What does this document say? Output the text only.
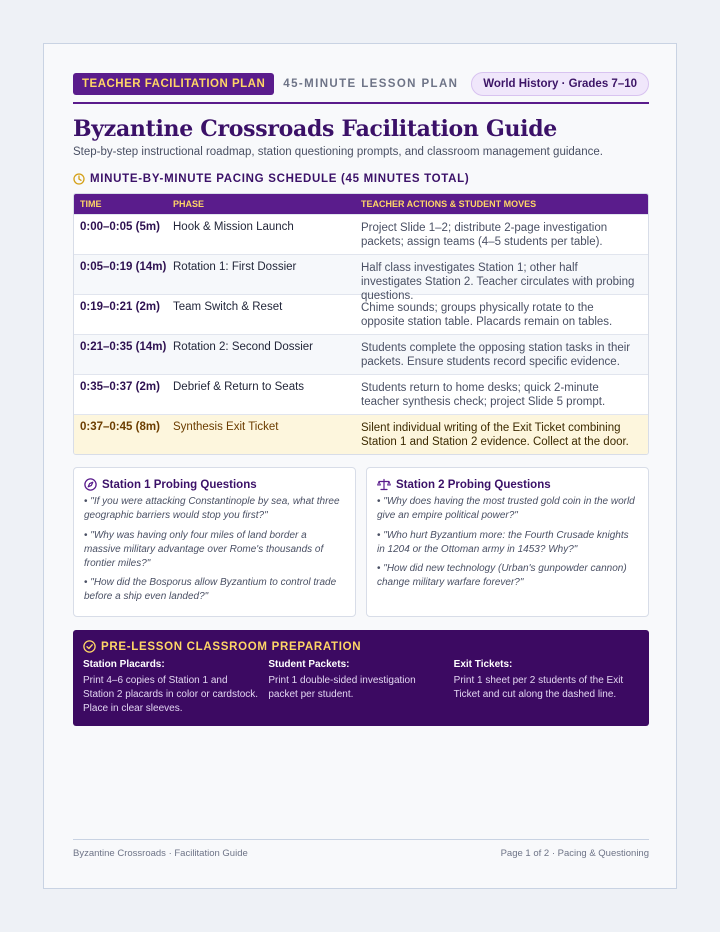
TEACHER FACILITATION PLAN	45-MINUTE LESSON PLAN	World History · Grades 7–10
Byzantine Crossroads Facilitation Guide

Step-by-step instructional roadmap, station questioning prompts, and classroom management guidance.

MINUTE-BY-MINUTE PACING SCHEDULE (45 MINUTES TOTAL)
TIME	PHASE	TEACHER ACTIONS & STUDENT MOVES
0:00–0:05 (5m)	Hook & Mission Launch	Project Slide 1–2; distribute 2-page investigation packets; assign teams (4–5 students per table).
0:05–0:19 (14m) Rotation 1: First Dossier	Half class investigates Station 1; other half investigates Station 2. Teacher circulates with probing questions.
0:19–0:21 (2m)	Team Switch & Reset	Chime sounds; groups physically rotate to the opposite station table. Placards remain on tables.
0:21–0:35 (14m) Rotation 2: Second Dossier	Students complete the opposing station tasks in their packets. Ensure students record specific evidence.
0:35–0:37 (2m)	Debrief & Return to Seats	Students return to home desks; quick 2-minute teacher synthesis check; project Slide 5 prompt.
0:37–0:45 (8m)	Synthesis Exit Ticket	Silent individual writing of the Exit Ticket combining Station 1 and Station 2 evidence. Collect at the door.
Station 1 Probing Questions
• "If you were attacking Constantinople by sea, what three geographic barriers would stop you first?"
• "Why was having only four miles of land border a massive military advantage over Rome's thousands of frontier miles?"
• "How did the Bosporus allow Byzantium to control trade before a ship even landed?"
Station 2 Probing Questions
• "Why does having the most trusted gold coin in the world give an empire political power?"
• "Who hurt Byzantium more: the Fourth Crusade knights in 1204 or the Ottoman army in 1453? Why?"
• "How did new technology (Urban's gunpowder cannon) change military warfare forever?"
PRE-LESSON CLASSROOM PREPARATION
Station Placards:
Print 4–6 copies of Station 1 and Station 2 placards in color or cardstock. Place in clear sleeves.
Student Packets:
Print 1 double-sided investigation packet per student.
Exit Tickets:
Print 1 sheet per 2 students of the Exit Ticket and cut along the dashed line.
Byzantine Crossroads · Facilitation Guide	Page 1 of 2 · Pacing & Questioning
